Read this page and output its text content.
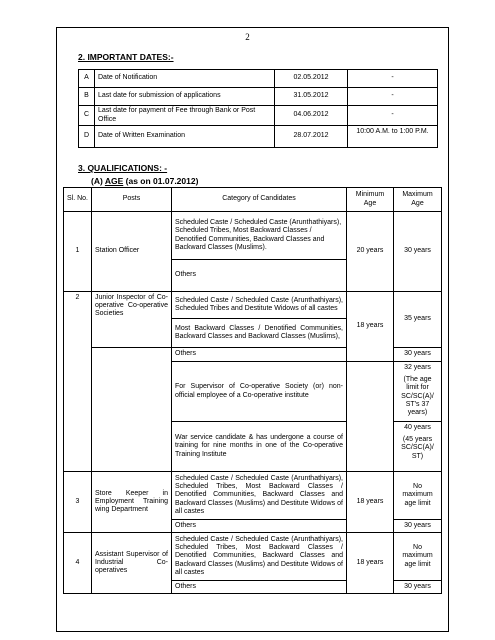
2
2. IMPORTANT DATES:-
A	Date of Notification	02.05.2012	-
B	Last date for submission of applications	31.05.2012	-
C	Last date for payment of Fee through Bank or Post Office	04.06.2012	-
D	Date of Written Examination	28.07.2012	10:00 A.M. to 1:00 P.M.
3. QUALIFICATIONS: -
(A) AGE (as on 01.07.2012)
Sl. No.	Posts	Category of Candidates	Minimum Age	Maximum Age
1	Station Officer	Scheduled Caste / Scheduled Caste (Arunthathiyars), Scheduled Tribes, Most Backward Classes / Denotified Communities, Backward Classes and Backward Classes (Muslims).	20 years	30 years
		Others		
2	Junior Inspector of Co-operative Co-operative Societies	Scheduled Caste / Scheduled Caste (Arunthathiyars), Scheduled Tribes and Destitute Widows of all castes	18 years	35 years
		Most Backward Classes / Denotified Communities, Backward Classes and Backward Classes (Muslims),		
		Others		30 years
		For Supervisor of Co-operative Society (or) non-official employee of a Co-operative institute		32 years
(The age limit for SC/SC(A)/ ST's 37 years)

		War service candidate & has undergone a course of training for nine months in one of the Co-operative Training Institute		40 years
(45 years SC/SC(A)/ ST)

3	Store Keeper in Employment Training wing Department	Scheduled Caste / Scheduled Caste (Arunthathiyars), Scheduled Tribes, Most Backward Classes / Denotified Communities, Backward Classes and Backward Classes (Muslims) and Destitute Widows of all castes	18 years	No maximum age limit
		Others		30 years
4	Assistant Supervisor of Industrial Co-operatives	Scheduled Caste / Scheduled Caste (Arunthathiyars), Scheduled Tribes, Most Backward Classes / Denotified Communities, Backward Classes and Backward Classes (Muslims) and Destitute Widows of all castes	18 years	No maximum age limit
		Others		30 years
